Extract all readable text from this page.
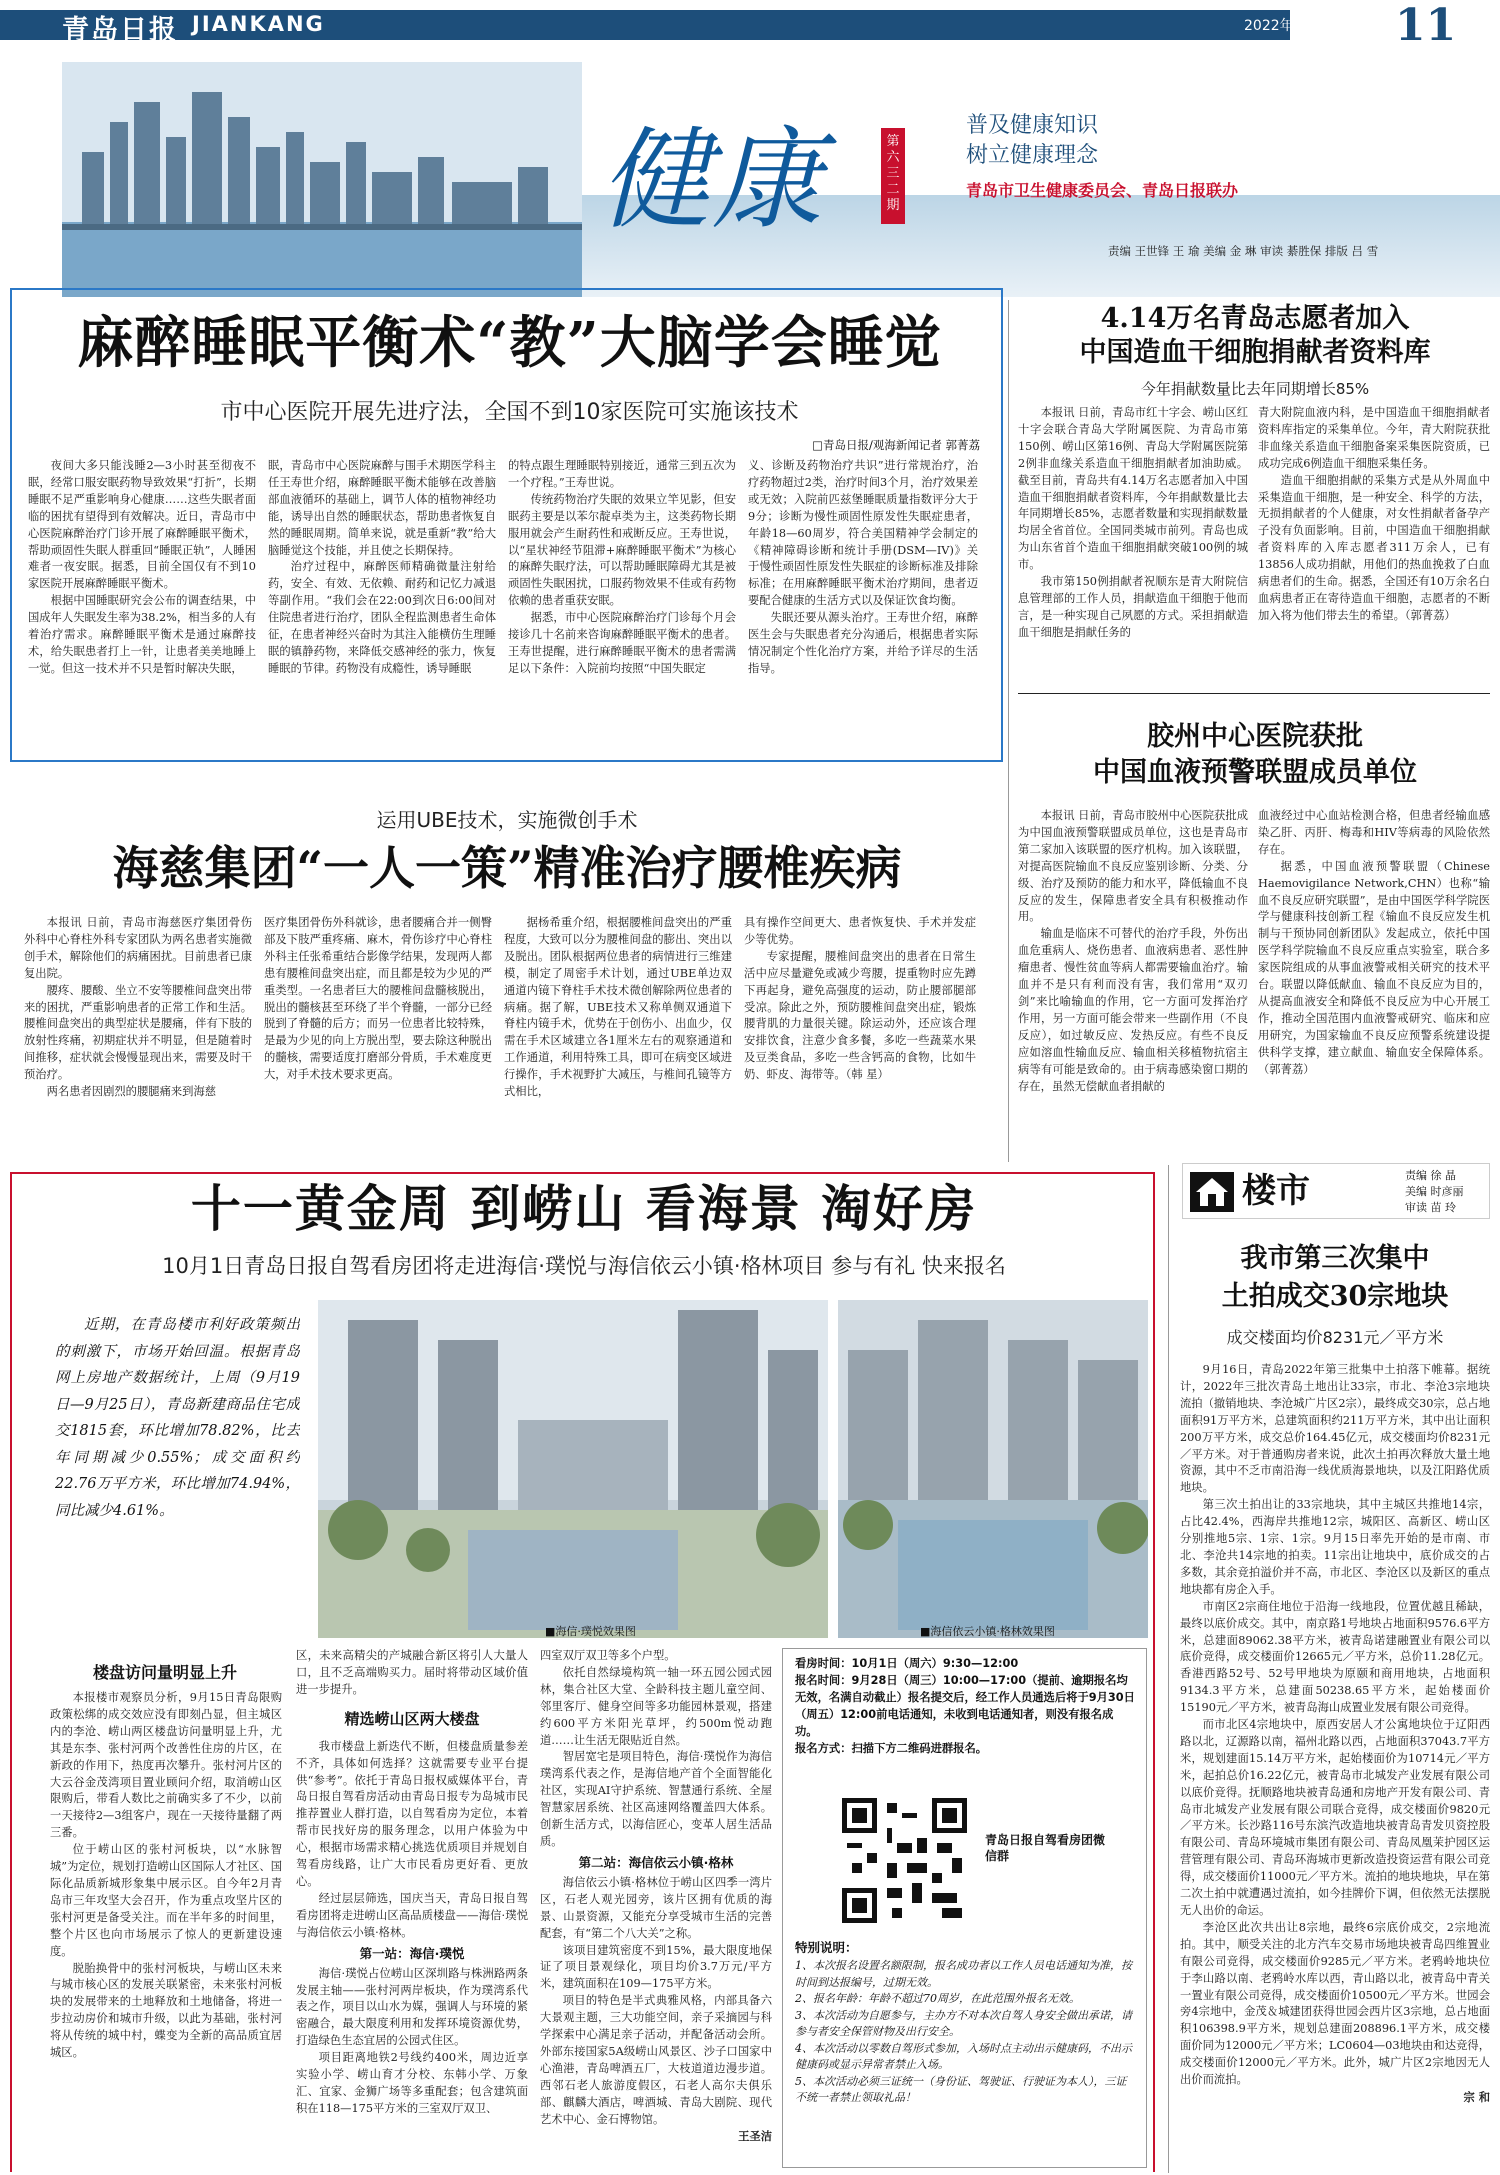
青岛日报 JIANKANG	2022年9月27日 星期二 11
健康	第六三二期
普及健康知识
树立健康理念
青岛市卫生健康委员会、青岛日报联办
责编 王世锋 王 瑜 美编 金 琳 审读 綦胜保 排版 吕 雪
麻醉睡眠平衡术“教”大脑学会睡觉
市中心医院开展先进疗法，全国不到10家医院可实施该技术
□青岛日报/观海新闻记者 郭菁荔

夜间大多只能浅睡2—3小时甚至彻夜不眠，经常口服安眠药物导致效果“打折”，长期睡眠不足严重影响身心健康……这些失眠者面临的困扰有望得到有效解决。近日，青岛市中心医院麻醉治疗门诊开展了麻醉睡眠平衡术，帮助顽固性失眠人群重回“睡眠正轨”，人睡困难者一夜安眠。据悉，目前全国仅有不到10家医院开展麻醉睡眠平衡术。

根据中国睡眠研究会公布的调查结果，中国成年人失眠发生率为38.2%，相当多的人有着治疗需求。麻醉睡眠平衡术是通过麻醉技术，给失眠患者打上一针，让患者美美地睡上一觉。但这一技术并不只是暂时解决失眠，

眠，青岛市中心医院麻醉与围手术期医学科主任王寿世介绍，麻醉睡眠平衡术能够在改善脑部血液循环的基础上，调节人体的植物神经功能，诱导出自然的睡眠状态，帮助患者恢复自然的睡眠周期。简单来说，就是重新“教”给大脑睡觉这个技能，并且使之长期保持。

治疗过程中，麻醉医师精确微量注射给药，安全、有效、无依赖、耐药和记忆力减退等副作用。“我们会在22:00到次日6:00间对住院患者进行治疗，团队全程监测患者生命体征，在患者神经兴奋时为其注入能横仿生理睡眠的镇静药物，来降低交感神经的张力，恢复睡眠的节律。药物没有成瘾性，诱导睡眠

的特点跟生理睡眠特别接近，通常三到五次为一个疗程。”王寿世说。

传统药物治疗失眠的效果立竿见影，但安眠药主要是以苯尔靛卓类为主，这类药物长期服用就会产生耐药性和戒断反应。王寿世说，以“星状神经节阻滞+麻醉睡眠平衡术”为核心的麻醉失眠疗法，可以帮助睡眠障碍尤其是被顽固性失眠困扰，口服药物效果不佳或有药物依赖的患者重获安眠。

据悉，市中心医院麻醉治疗门诊每个月会接诊几十名前来咨询麻醉睡眠平衡术的患者。王寿世提醒，进行麻醉睡眠平衡术的患者需满足以下条件：入院前均按照“中国失眠定

义、诊断及药物治疗共识”进行常规治疗，治疗药物超过2类，治疗时间3个月，治疗效果差或无效；入院前匹兹堡睡眠质量指数评分大于9分；诊断为慢性顽固性原发性失眠症患者，年龄18—60周岁，符合美国精神学会制定的《精神障碍诊断和统计手册(DSM—IV)》关于慢性顽固性原发性失眠症的诊断标准及排除标准；在用麻醉睡眠平衡术治疗期间，患者迈要配合健康的生活方式以及保证饮食均衡。

失眠还要从源头治疗。王寿世介绍，麻醉医生会与失眠患者充分沟通后，根据患者实际情况制定个性化治疗方案，并给予详尽的生活指导。

4.14万名青岛志愿者加入
中国造血干细胞捐献者资料库
今年捐献数量比去年同期增长85%

本报讯 日前，青岛市红十字会、崂山区红十字会联合青岛大学附属医院、为青岛市第150例、崂山区第16例、青岛大学附属医院第2例非血缘关系造血干细胞捐献者加油助威。截至目前，青岛共有4.14万名志愿者加入中国造血干细胞捐献者资料库，今年捐献数量比去年同期增长85%，志愿者数量和实现捐献数量均居全省首位。全国同类城市前列。青岛也成为山东省首个造血干细胞捐献突破100例的城市。

我市第150例捐献者祝顺东是青大附院信息管理部的工作人员，捐献造血干细胞于他而言，是一种实现自己夙愿的方式。采担捐献造血干细胞是捐献任务的

青大附院血液内科，是中国造血干细胞捐献者资料库指定的采集单位。今年，青大附院获批非血缘关系造血干细胞备案采集医院资质，已成功完成6例造血干细胞采集任务。

造血干细胞捐献的采集方式是从外周血中采集造血干细胞，是一种安全、科学的方法，无损捐献者的个人健康，对女性捐献者备孕产子没有负面影响。目前，中国造血干细胞捐献者资料库的入库志愿者311万余人，已有13856人成功捐献，用他们的热血挽救了白血病患者们的生命。据悉，全国还有10万余名白血病患者正在寄待造血干细胞，志愿者的不断加入将为他们带去生的希望。（郭菁荔）

胶州中心医院获批
中国血液预警联盟成员单位

本报讯 日前，青岛市胶州中心医院获批成为中国血液预警联盟成员单位，这也是青岛市第二家加入该联盟的医疗机构。加入该联盟，对提高医院输血不良反应鉴别诊断、分类、分级、治疗及预防的能力和水平，降低输血不良反应的发生，保障患者安全具有积极推动作用。

输血是临床不可替代的治疗手段，外伤出血危重病人、烧伤患者、血液病患者、恶性肿瘤患者、慢性贫血等病人都需要输血治疗。输血并不是只有利而没有害，我们常用“双刃剑”来比喻输血的作用，它一方面可发挥治疗作用，另一方面可能会带来一些副作用（不良反应），如过敏反应、发热反应。有些不良反应如溶血性输血反应、输血相关移植物抗宿主病等有可能是致命的。由于病毒感染窗口期的存在，虽然无偿献血者捐献的

血液经过中心血站检测合格，但患者经输血感染乙肝、丙肝、梅毒和HIV等病毒的风险依然存在。

据悉，中国血液预警联盟（Chinese Haemovigilance Network,CHN）也称“输血不良反应研究联盟”，是由中国医学科学院医学与健康科技创新工程《输血不良反应发生机制与干预协同创新团队》发起成立，依托中国医学科学院输血不良反应重点实验室，联合多家医院组成的从事血液警戒相关研究的技术平台。联盟以降低献血、输血不良反应为目的，从提高血液安全和降低不良反应为中心开展工作，推动全国范围内血液警戒研究、临床和应用研究，为国家输血不良反应预警系统建设提供科学支撑，建立献血、输血安全保障体系。（郭菁荔）

运用UBE技术，实施微创手术
海慈集团“一人一策”精准治疗腰椎疾病

本报讯 日前，青岛市海慈医疗集团骨伤外科中心脊柱外科专家团队为两名患者实施微创手术，解除他们的病痛困扰。目前患者已康复出院。

腰疼、腰酸、坐立不安等腰椎间盘突出带来的困扰，严重影响患者的正常工作和生活。腰椎间盘突出的典型症状是腰痛，伴有下肢的放射性疼痛，初期症状并不明显，但是随着时间推移，症状就会慢慢显现出来，需要及时干预治疗。

两名患者因剧烈的腰腿痛来到海慈

医疗集团骨伤外科就诊，患者腰痛合并一侧臀部及下肢严重疼痛、麻木，骨伤诊疗中心脊柱外科主任张希重结合影像学结果，发现两人都患有腰椎间盘突出症，而且都是较为少见的严重类型。一名患者巨大的腰椎间盘髓核脱出，脱出的髓核甚至环绕了半个脊髓，一部分已经脱到了脊髓的后方；而另一位患者比较特殊，是最为少见的向上方脱出型，要去除这种脱出的髓核，需要适度打磨部分骨质，手术难度更大，对手术技术要求更高。

据杨希重介绍，根据腰椎间盘突出的严重程度，大致可以分为腰椎间盘的膨出、突出以及脱出。团队根据两位患者的病情进行三维建模，制定了周密手术计划，通过UBE单边双通道内镜下脊柱手术技术微创解除两位患者的病痛。据了解，UBE技术又称单侧双通道下脊柱内镜手术，优势在于创伤小、出血少，仅需在手术区域建立各1厘米左右的观察通道和工作通道，利用特殊工具，即可在病变区域进行操作，手术视野扩大减压，与椎间孔镜等方式相比，

具有操作空间更大、患者恢复快、手术并发症少等优势。

专家提醒，腰椎间盘突出的患者在日常生活中应尽量避免或减少弯腰，提重物时应先蹲下再起身，避免高强度的运动，防止腰部腿部受凉。除此之外，预防腰椎间盘突出症，锻炼腰背肌的力量很关键。除运动外，还应该合理安排饮食，注意少食多餐，多吃一些蔬菜水果及豆类食品，多吃一些含钙高的食物，比如牛奶、虾皮、海带等。（韩 星）

十一黄金周 到崂山 看海景 淘好房
10月1日青岛日报自驾看房团将走进海信·璞悦与海信依云小镇·格林项目 参与有礼 快来报名
近期，在青岛楼市利好政策频出的刺激下，市场开始回温。根据青岛网上房地产数据统计，上周（9月19日—9月25日），青岛新建商品住宅成交1815套，环比增加78.82%，比去年同期减少0.55%；成交面积约22.76万平方米，环比增加74.94%，同比减少4.61%。
■海信·璞悦效果图	■海信依云小镇·格林效果图
楼盘访问量明显上升

本报楼市观察员分析，9月15日青岛限购政策松绑的成交效应没有即刻凸显，但主城区内的李沧、崂山两区楼盘访问量明显上升，尤其是东李、张村河两个改善性住房的片区，在新政的作用下，热度再次攀升。张村河片区的大云谷金茂湾项目置业顾问介绍，取消崂山区限购后，带看人数比之前确实多了不少，以前一天接待2—3组客户，现在一天接待量翻了两三番。

位于崂山区的张村河板块，以“水脉智城”为定位，规划打造崂山区国际人才社区、国际化品质新城形象集中展示区。自今年2月青岛市三年攻坚大会召开，作为重点攻坚片区的张村河更是备受关注。而在半年多的时间里，整个片区也向市场展示了惊人的更新建设速度。

脱胎换骨中的张村河板块，与崂山区未来与城市核心区的发展关联紧密，未来张村河板块的发展带来的土地释放和土地储备，将进一步拉动房价和城市升级，以此为基础，张村河将从传统的城中村，蝶变为全新的高品质宜居城区。

区，未来高精尖的产城融合新区将引人大量人口，且不乏高端购买力。届时将带动区域价值进一步提升。

精选崂山区两大楼盘

我市楼盘上新迭代不断，但楼盘质量参差不齐，具体如何选择？这就需要专业平台提供“参考”。依托于青岛日报权威媒体平台，青岛日报自驾看房活动由青岛日报专为岛城市民推荐置业人群打造，以自驾看房为定位，本着帮市民找好房的服务理念，以用户体验为中心，根据市场需求精心挑选优质项目并规划自驾看房线路，让广大市民看房更好看、更放心。

经过层层筛选，国庆当天，青岛日报自驾看房团将走进崂山区高品质楼盘——海信·璞悦与海信依云小镇·格林。

第一站：海信·璞悦

海信·璞悦占位崂山区深圳路与株洲路两条发展主轴——张村河两岸板块，作为璞湾系代表之作，项目以山水为媒，强调人与环境的紧密融合，最大限度利用和发挥环境资源优势，打造绿色生态宜居的公园式住区。

项目距离地铁2号线约400米，周边近享实验小学、崂山育才分校、东韩小学、万象汇、宜家、金狮广场等多重配套；包含建筑面积在118—175平方米的三室双厅双卫、

四室双厅双卫等多个户型。

依托自然绿境构筑一轴一环五园公园式园林，集合社区大堂、全龄科技主题儿童空间、邻里客厅、健身空间等多功能园林景观，搭建约600平方米阳光草坪，约500m悦动跑道……让生活无限贴近自然。

智居宽宅是项目特色，海信·璞悦作为海信璞湾系代表之作，是海信地产首个全面智能化社区，实现AI守护系统、智慧通行系统、全屋智慧家居系统、社区高速网络覆盖四大体系。创新生活方式，以海信匠心，变革人居生活品质。

第二站：海信依云小镇·格林

海信依云小镇·格林位于崂山区四季一湾片区，石老人观光园旁，该片区拥有优质的海景、山景资源，又能充分享受城市生活的完善配套，有“第二个八大关”之称。

该项目建筑密度不到15%，最大限度地保证了项目景观绿化，项目均价3.7万元/平方米，建筑面积在109—175平方米。

项目的特色是半式典雅风格，内部具备六大景观主题，三大功能空间，亲子采摘园与科学探索中心满足亲子活动，并配备活动会所。外部东接国家5A级崂山风景区、沙子口国家中心渔港，青岛啤酒五厂，大枝道道边漫步道。西邻石老人旅游度假区，石老人高尔夫俱乐部、麒麟大酒店，啤酒城、青岛大剧院、现代艺术中心、金石博物馆。

王圣洁
看房时间：10月1日（周六）9:30—12:00
报名时间：9月28日（周三）10:00—17:00（提前、逾期报名均无效，名满自动截止）报名提交后，经工作人员通选后将于9月30日（周五）12:00前电话通知，未收到电话通知者，则没有报名成功。
报名方式：扫描下方二维码进群报名。
青岛日报自驾看房团微信群
特别说明：
1、本次报名设置名额限制，报名成功者以工作人员电话通知为准，按时间到达报编号，过期无效。
2、报名年龄：年龄不超过70周岁，在此范围外报名无效。
3、本次活动为自愿参与，主办方不对本次自驾人身安全做出承诺，请参与者安全保管财物及出行安全。
4、本次活动以零数自驾形式参加，入场时点主动出示健康码，不出示健康码或显示异常者禁止入场。
5、本次活动必须三证统一（身份证、驾驶证、行驶证为本人），三证不统一者禁止领取礼品！
楼市	责编 徐 晶
美编 时彦丽
审读 苗 玲
我市第三次集中
土拍成交30宗地块
成交楼面均价8231元／平方米

9月16日，青岛2022年第三批集中土拍落下帷幕。据统计，2022年三批次青岛土地出让33宗，市北、李沧3宗地块流拍（撤销地块、李沧城广片区2宗），最终成交30宗，总占地面积91万平方米，总建筑面积约211万平方米，其中出让面积200万平方米，成交总价164.45亿元，成交楼面均价8231元／平方米。对于普通购房者来说，此次土拍再次释放大量土地资源，其中不乏市南沿海一线优质海景地块，以及江阳路优质地块。

第三次土拍出让的33宗地块，其中主城区共推地14宗，占比42.4%，西海岸共推地12宗，城阳区、高新区、崂山区分别推地5宗、1宗、1宗。9月15日率先开始的是市南、市北、李沧共14宗地的拍卖。11宗出让地块中，底价成交的占多数，其余竞拍溢价并不高，市北区、李沧区以及新区的重点地块都有房企入手。

市南区2宗商住地位于沿海一线地段，位置优越且稀缺，最终以底价成交。其中，南京路1号地块占地面积9576.6平方米，总建面89062.38平方米，被青岛诺建融置业有限公司以底价竞得，成交楼面价12665元／平方米，总价11.28亿元。香港西路52号、52号甲地块为原颐和商用地块，占地面积9134.3平方米，总建面50238.65平方米，起始楼面价15190元／平方米，被青岛海山成置业发展有限公司竞得。

而市北区4宗地块中，原西安居人才公寓地块位于辽阳西路以北，辽源路以南，福州北路以西，占地面积37043.7平方米，规划建面15.14万平方米，起始楼面价为10714元／平方米，起拍总价16.22亿元，被青岛市北城发产业发展有限公司以底价竞得。抚顺路地块被青岛通和房地产开发有限公司、青岛市北城发产业发展有限公司联合竞得，成交楼面价9820元／平方米。长沙路116号东滨汽改造地块被青岛青发贝资控股有限公司、青岛环境城市集团有限公司、青岛凤凰茉护园区运营管理有限公司、青岛环海城市更新改造投资运营有限公司竞得，成交楼面价11000元／平方米。流拍的地块地块，早在第二次土拍中就遭遇过流拍，如今挂牌价下调，但依然无法摆脱无人出价的命运。

李沧区此次共出让8宗地，最终6宗底价成交，2宗地流拍。其中，顺受关注的北方汽车交易市场地块被青岛四维置业有限公司竞得，成交楼面价9285元／平方米。老鸦岭地块位于李山路以南、老鸦岭水库以西，青山路以北，被青岛中青关一置业有限公司竞得，成交楼面价10500元／平方米。世园会旁4宗地中，金茂＆城建团获得世园会西片区3宗地，总占地面积106398.9平方米，规划总建面208896.1平方米，成交楼面价同为12000元／平方米；LC0604—03地块由和达竞得，成交楼面价12000元／平方米。此外，城广片区2宗地因无人出价而流拍。

宗 和
